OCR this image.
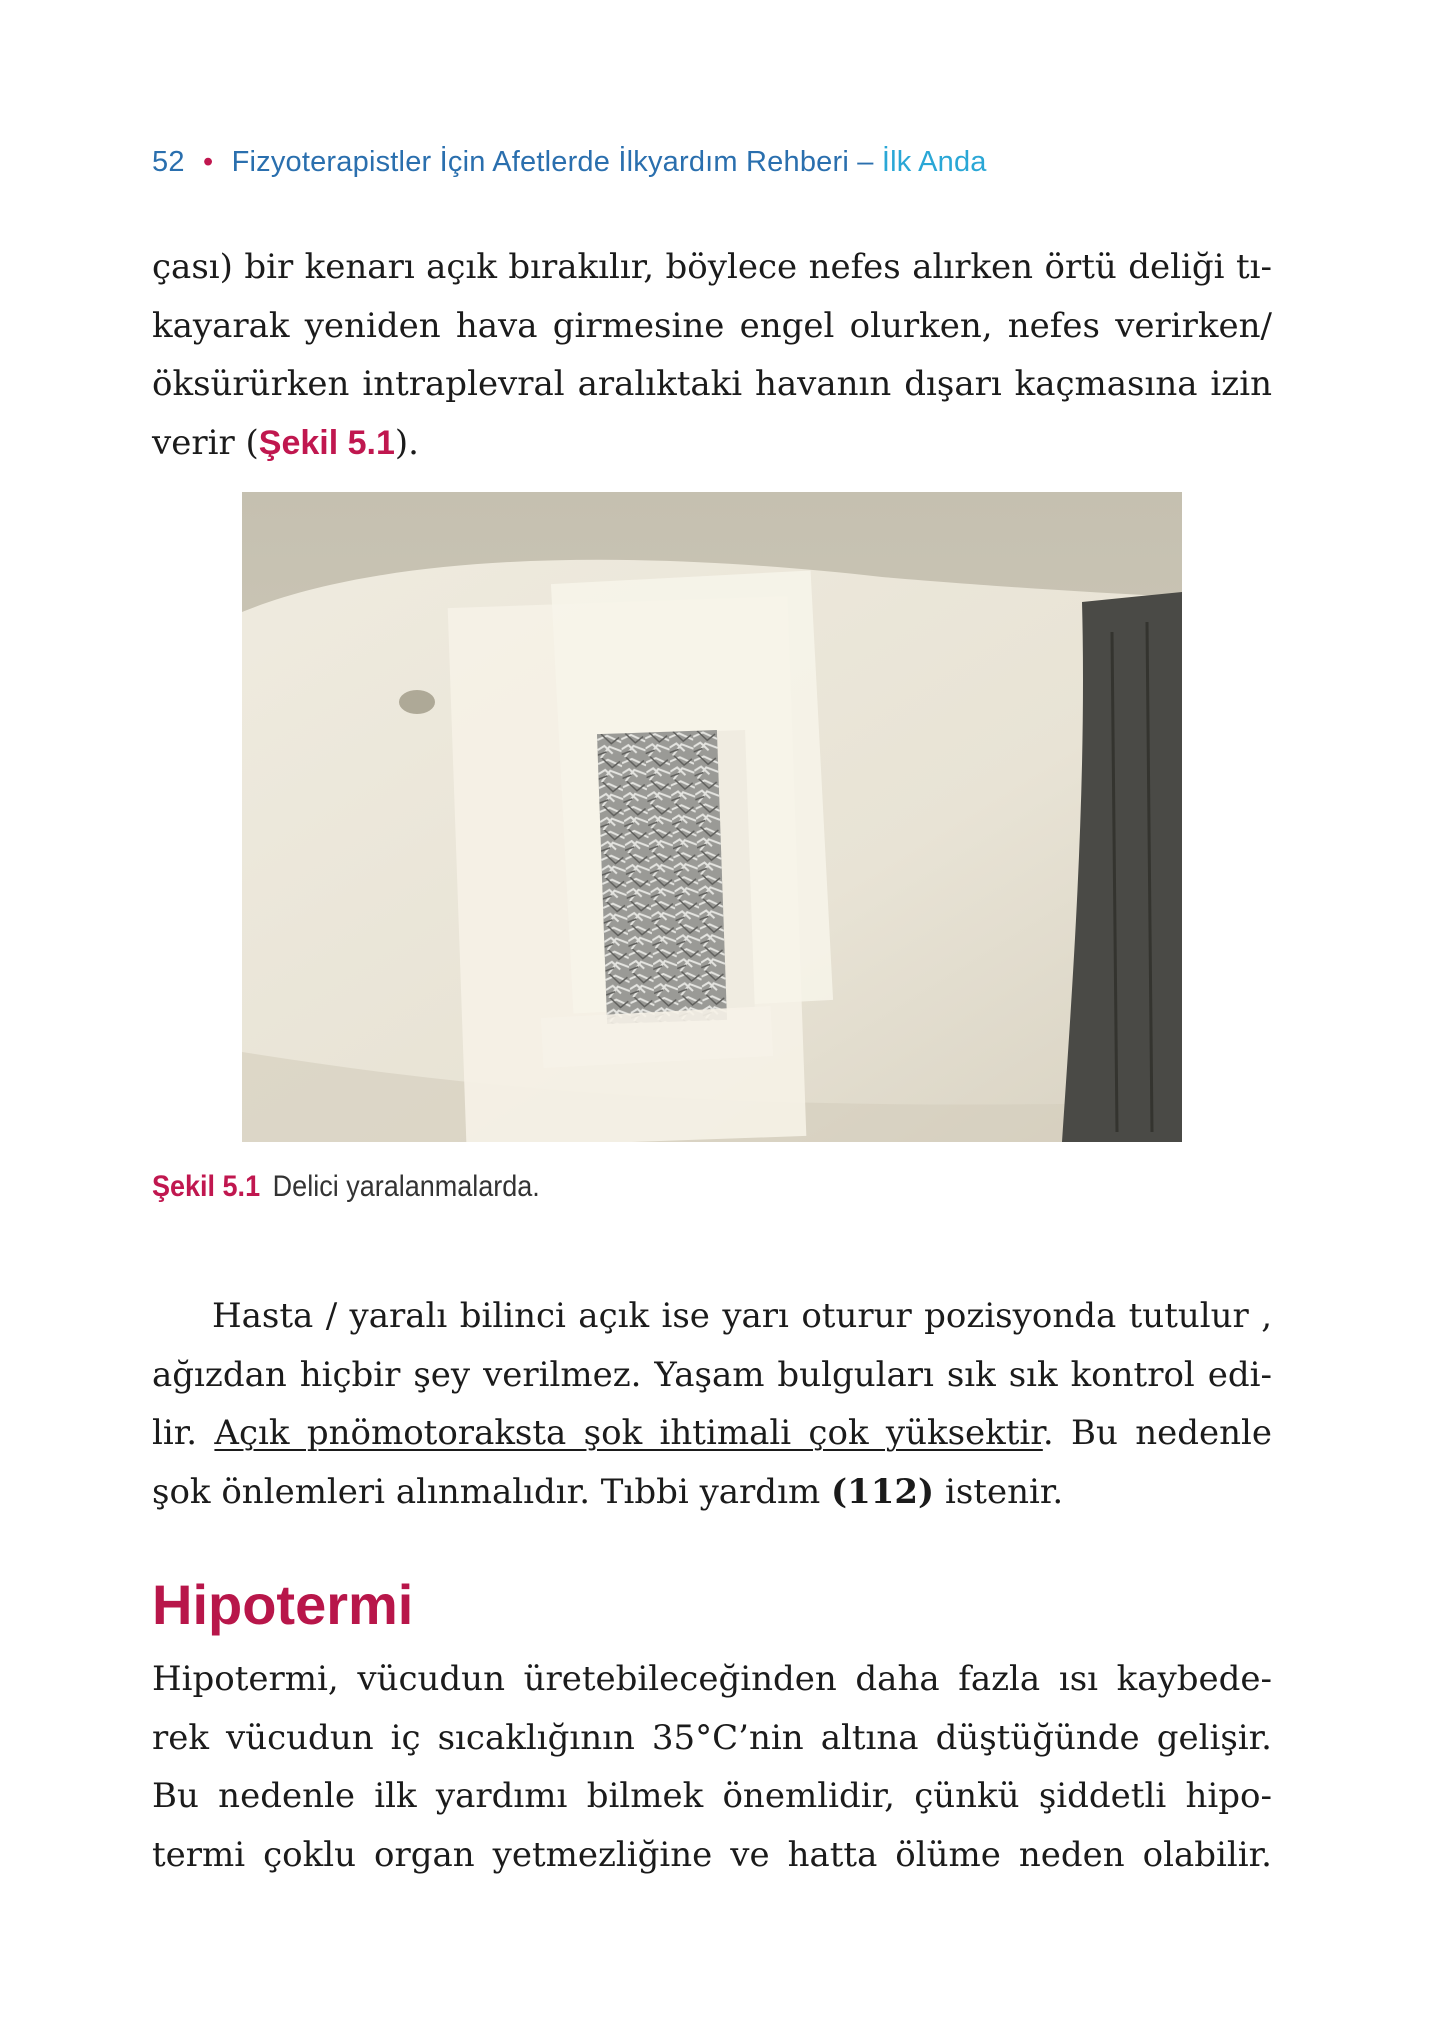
52 • Fizyoterapistler İçin Afetlerde İlkyardım Rehberi – İlk Anda
çası) bir kenarı açık bırakılır, böylece nefes alırken örtü deliği tı-
kayarak yeniden hava girmesine engel olurken, nefes verirken/
öksürürken intraplevral aralıktaki havanın dışarı kaçmasına izin
verir (Şekil 5.1).
Şekil 5.1 Delici yaralanmalarda.
Hasta / yaralı bilinci açık ise yarı oturur pozisyonda tutulur ,
ağızdan hiçbir şey verilmez. Yaşam bulguları sık sık kontrol edi-
lir. Açık pnömotoraksta şok ihtimali çok yüksektir. Bu nedenle
şok önlemleri alınmalıdır. Tıbbi yardım (112) istenir.
Hipotermi
Hipotermi, vücudun üretebileceğinden daha fazla ısı kaybede-
rek vücudun iç sıcaklığının 35°C’nin altına düştüğünde gelişir.
Bu nedenle ilk yardımı bilmek önemlidir, çünkü şiddetli hipo-
termi çoklu organ yetmezliğine ve hatta ölüme neden olabilir.
